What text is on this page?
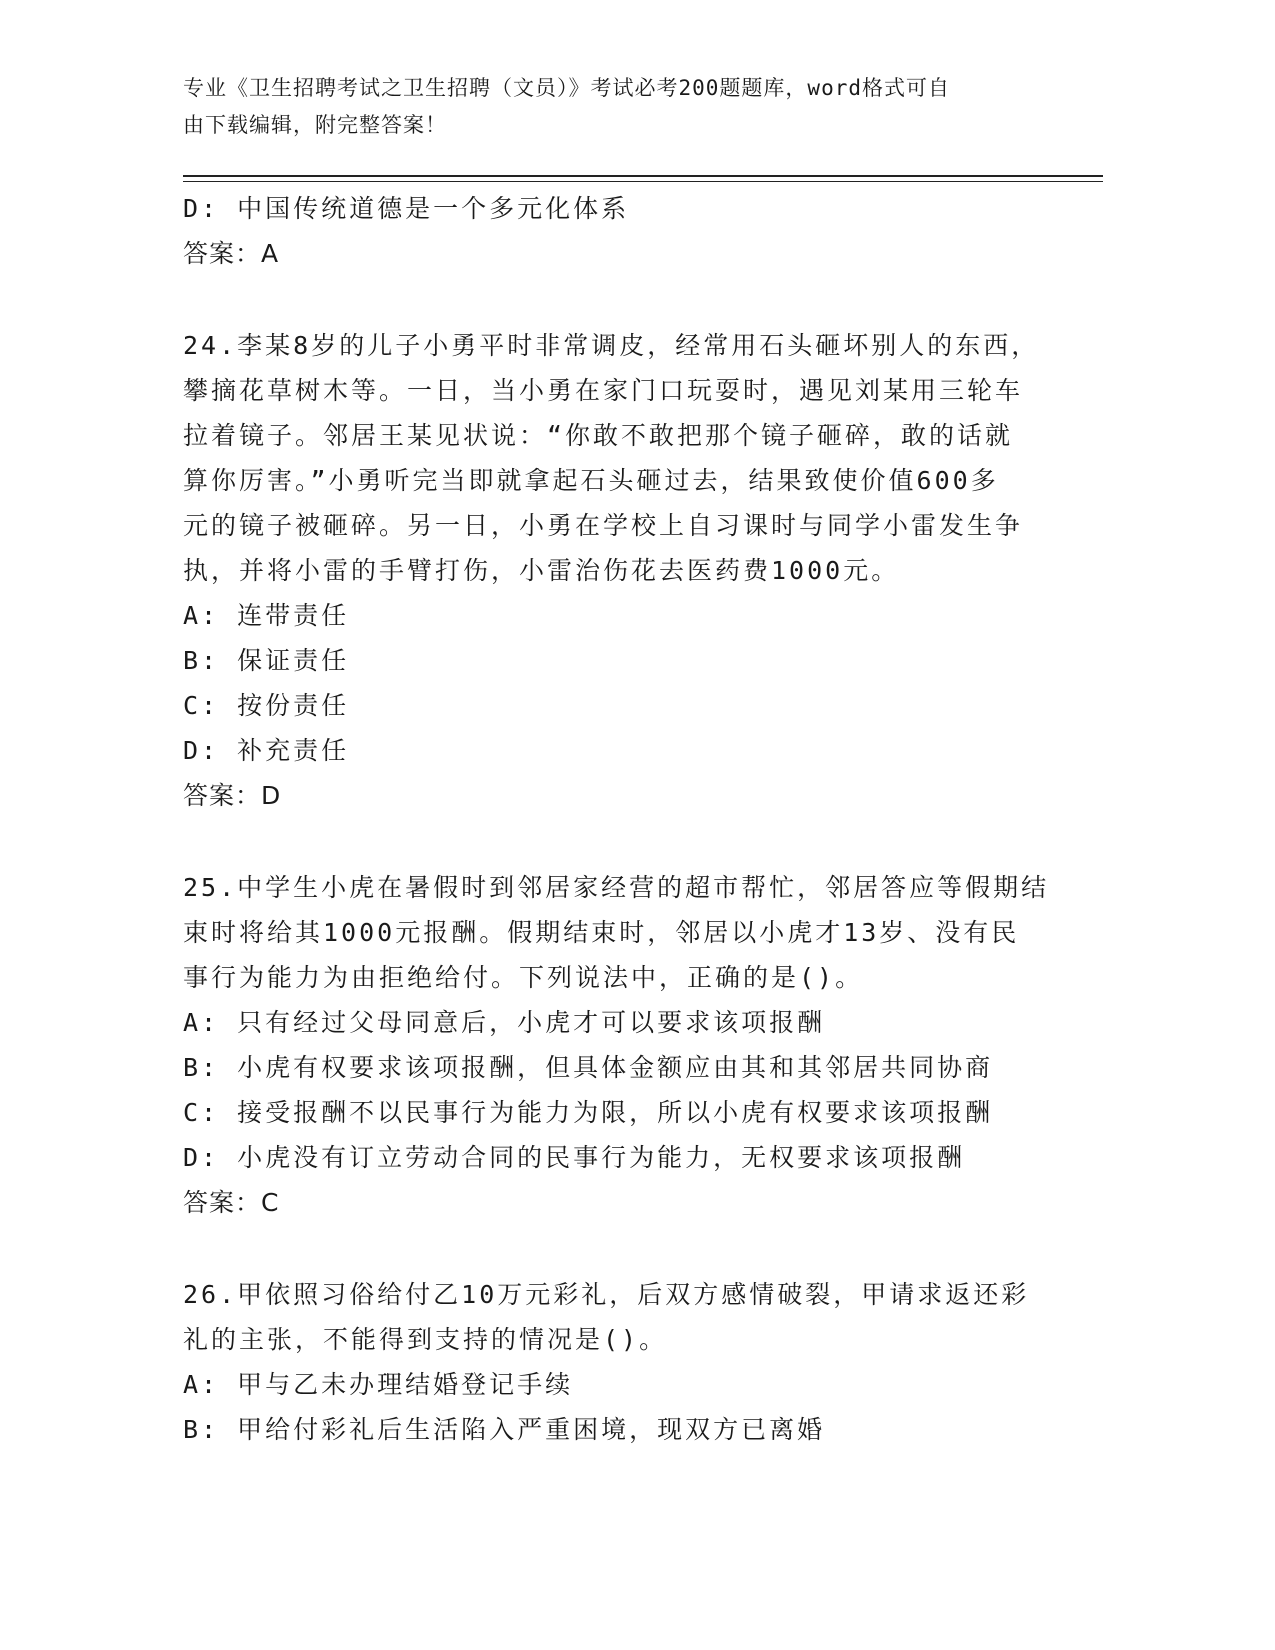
专业《卫生招聘考试之卫生招聘（文员）》考试必考200题题库，word格式可自
由下载编辑，附完整答案！
D: 中国传统道德是一个多元化体系
答案：A
24.李某8岁的儿子小勇平时非常调皮，经常用石头砸坏别人的东西，
攀摘花草树木等。一日，当小勇在家门口玩耍时，遇见刘某用三轮车
拉着镜子。邻居王某见状说：“你敢不敢把那个镜子砸碎，敢的话就
算你厉害。”小勇听完当即就拿起石头砸过去，结果致使价值600多
元的镜子被砸碎。另一日，小勇在学校上自习课时与同学小雷发生争
执，并将小雷的手臂打伤，小雷治伤花去医药费1000元。
A: 连带责任
B: 保证责任
C: 按份责任
D: 补充责任
答案：D
25.中学生小虎在暑假时到邻居家经营的超市帮忙，邻居答应等假期结
束时将给其1000元报酬。假期结束时，邻居以小虎才13岁、没有民
事行为能力为由拒绝给付。下列说法中，正确的是()。
A: 只有经过父母同意后，小虎才可以要求该项报酬
B: 小虎有权要求该项报酬，但具体金额应由其和其邻居共同协商
C: 接受报酬不以民事行为能力为限，所以小虎有权要求该项报酬
D: 小虎没有订立劳动合同的民事行为能力，无权要求该项报酬
答案：C
26.甲依照习俗给付乙10万元彩礼，后双方感情破裂，甲请求返还彩
礼的主张，不能得到支持的情况是()。
A: 甲与乙未办理结婚登记手续
B: 甲给付彩礼后生活陷入严重困境，现双方已离婚
